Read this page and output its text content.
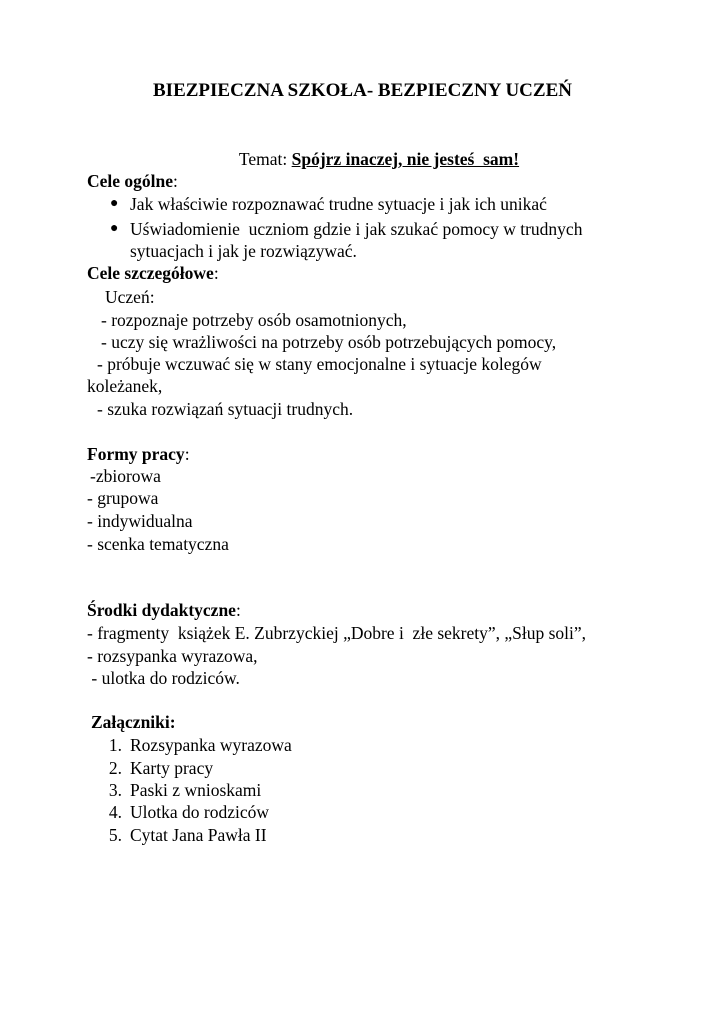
BIEZPIECZNA SZKOŁA- BEZPIECZNY UCZEŃ
Temat: Spójrz inaczej, nie jesteś  sam!
Cele ogólne:
● Jak właściwie rozpoznawać trudne sytuacje i jak ich unikać
● Uświadomienie  uczniom gdzie i jak szukać pomocy w trudnych
sytuacjach i jak je rozwiązywać.
Cele szczegółowe:
Uczeń:
- rozpoznaje potrzeby osób osamotnionych,
- uczy się wrażliwości na potrzeby osób potrzebujących pomocy,
- próbuje wczuwać się w stany emocjonalne i sytuacje kolegów
koleżanek,
- szuka rozwiązań sytuacji trudnych.
Formy pracy:
-zbiorowa
- grupowa
- indywidualna
- scenka tematyczna
Środki dydaktyczne:
- fragmenty  książek E. Zubrzyckiej „Dobre i  złe sekrety”, „Słup soli”,
- rozsypanka wyrazowa,
- ulotka do rodziców.
Załączniki:
1. Rozsypanka wyrazowa
2. Karty pracy
3. Paski z wnioskami
4. Ulotka do rodziców
5. Cytat Jana Pawła II
